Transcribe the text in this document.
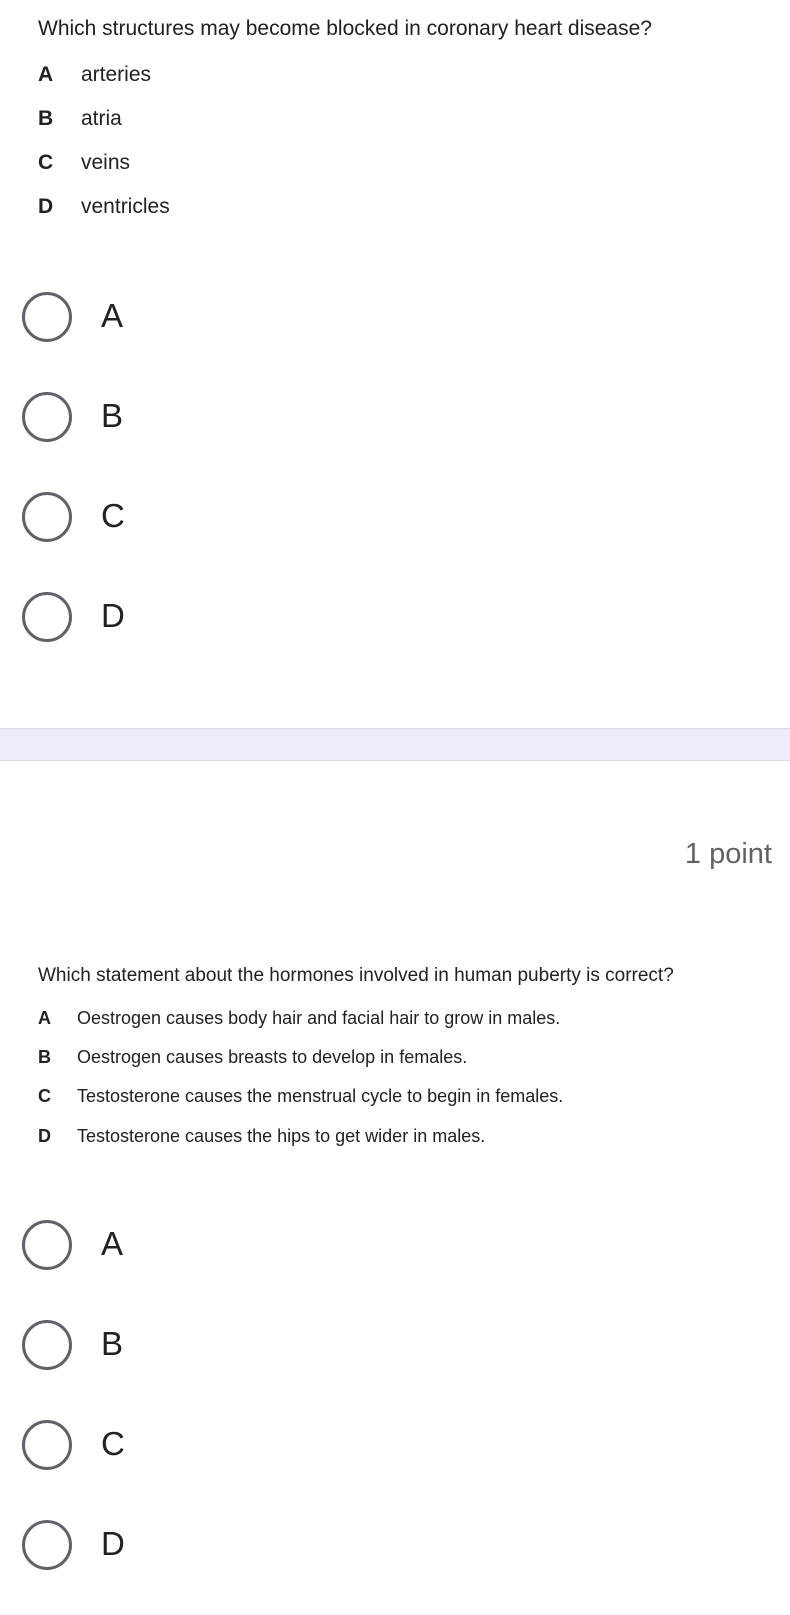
Which structures may become blocked in coronary heart disease?
A arteries
B atria
C veins
D ventricles
A
B
C
D
1 point
Which statement about the hormones involved in human puberty is correct?
A Oestrogen causes body hair and facial hair to grow in males.
B Oestrogen causes breasts to develop in females.
C Testosterone causes the menstrual cycle to begin in females.
D Testosterone causes the hips to get wider in males.
A
B
C
D
